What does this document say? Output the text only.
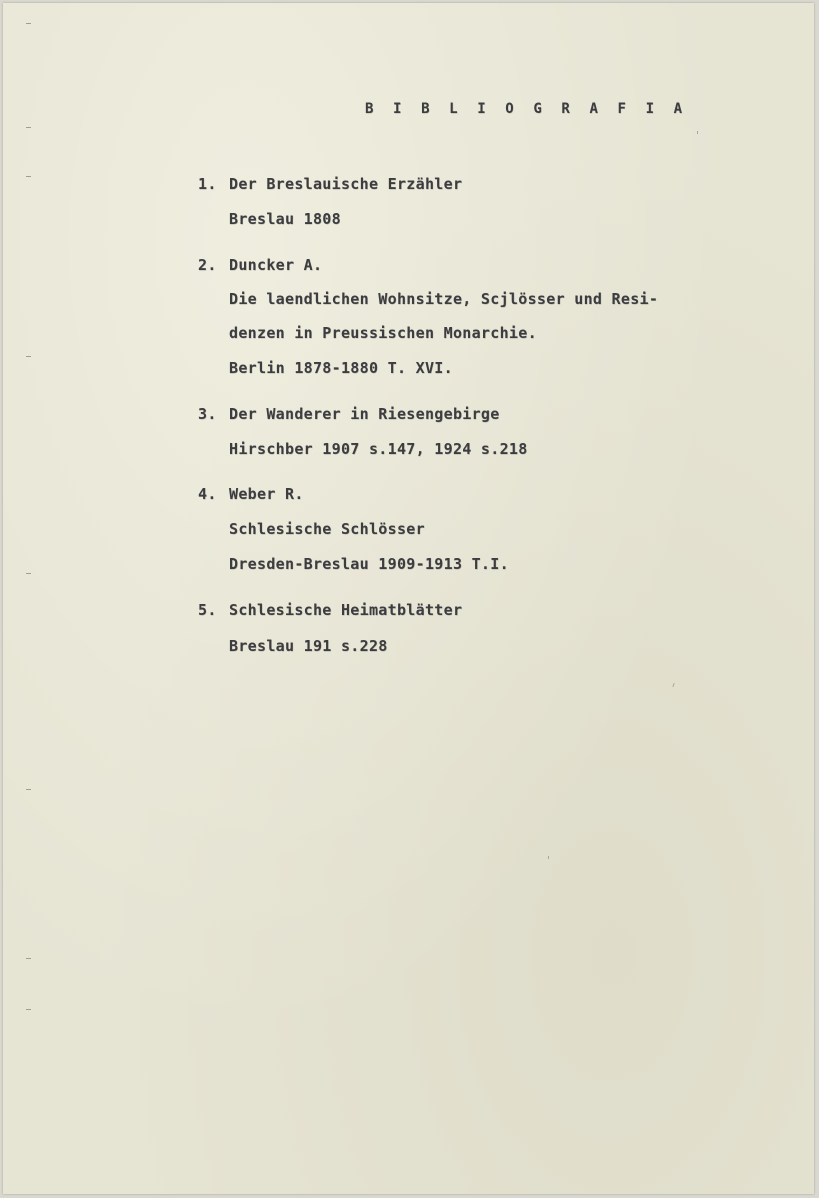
B I B L I O G R A F I A
1. Der Breslauische Erzähler
Breslau 1808
2. Duncker A.
Die laendlichen Wohnsitze, Scjlösser und Resi-
denzen in Preussischen Monarchie.
Berlin 1878-1880 T. XVI.
3. Der Wanderer in Riesengebirge
Hirschber 1907 s.147, 1924 s.218
4. Weber R.
Schlesische Schlösser
Dresden-Breslau 1909-1913 T.I.
5. Schlesische Heimatblätter
Breslau 191 s.228
